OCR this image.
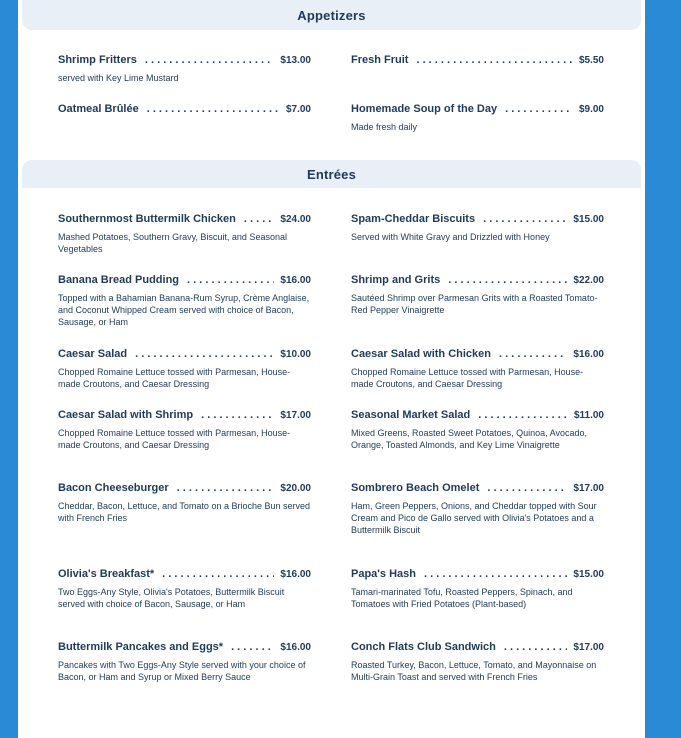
Appetizers
Shrimp Fritters . . .	$13.00
served with Key Lime Mustard
Fresh Fruit . . .	$5.50
Oatmeal Brûlée . . .	$7.00	Homemade Soup of the Day . . .	$9.00
Made fresh daily
Entrées
Southernmost Buttermilk Chicken . . .	$24.00
Mashed Potatoes, Southern Gravy, Biscuit, and Seasonal Vegetables
Spam-Cheddar Biscuits . . .	$15.00
Served with White Gravy and Drizzled with Honey
Banana Bread Pudding . . .	$16.00
Topped with a Bahamian Banana-Rum Syrup, Crème Anglaise, and Coconut Whipped Cream served with choice of Bacon, Sausage, or Ham
Shrimp and Grits . . .	$22.00
Sautéed Shrimp over Parmesan Grits with a Roasted Tomato-Red Pepper Vinaigrette
Caesar Salad . . .	$10.00
Chopped Romaine Lettuce tossed with Parmesan, House-made Croutons, and Caesar Dressing
Caesar Salad with Chicken . . .	$16.00
Chopped Romaine Lettuce tossed with Parmesan, House-made Croutons, and Caesar Dressing
Caesar Salad with Shrimp . . .	$17.00
Chopped Romaine Lettuce tossed with Parmesan, House-made Croutons, and Caesar Dressing
Seasonal Market Salad . . .	$11.00
Mixed Greens, Roasted Sweet Potatoes, Quinoa, Avocado, Orange, Toasted Almonds, and Key Lime Vinaigrette
Bacon Cheeseburger . . .	$20.00
Cheddar, Bacon, Lettuce, and Tomato on a Brioche Bun served with French Fries
Sombrero Beach Omelet . . .	$17.00
Ham, Green Peppers, Onions, and Cheddar topped with Sour Cream and Pico de Gallo served with Olivia's Potatoes and a Buttermilk Biscuit
Olivia's Breakfast* . . .	$16.00
Two Eggs-Any Style, Olivia's Potatoes, Buttermilk Biscuit served with choice of Bacon, Sausage, or Ham
Papa's Hash . . .	$15.00
Tamari-marinated Tofu, Roasted Peppers, Spinach, and Tomatoes with Fried Potatoes (Plant-based)
Buttermilk Pancakes and Eggs* . . .	$16.00
Pancakes with Two Eggs-Any Style served with your choice of Bacon, or Ham and Syrup or Mixed Berry Sauce
Conch Flats Club Sandwich . . .	$17.00
Roasted Turkey, Bacon, Lettuce, Tomato, and Mayonnaise on Multi-Grain Toast and served with French Fries
